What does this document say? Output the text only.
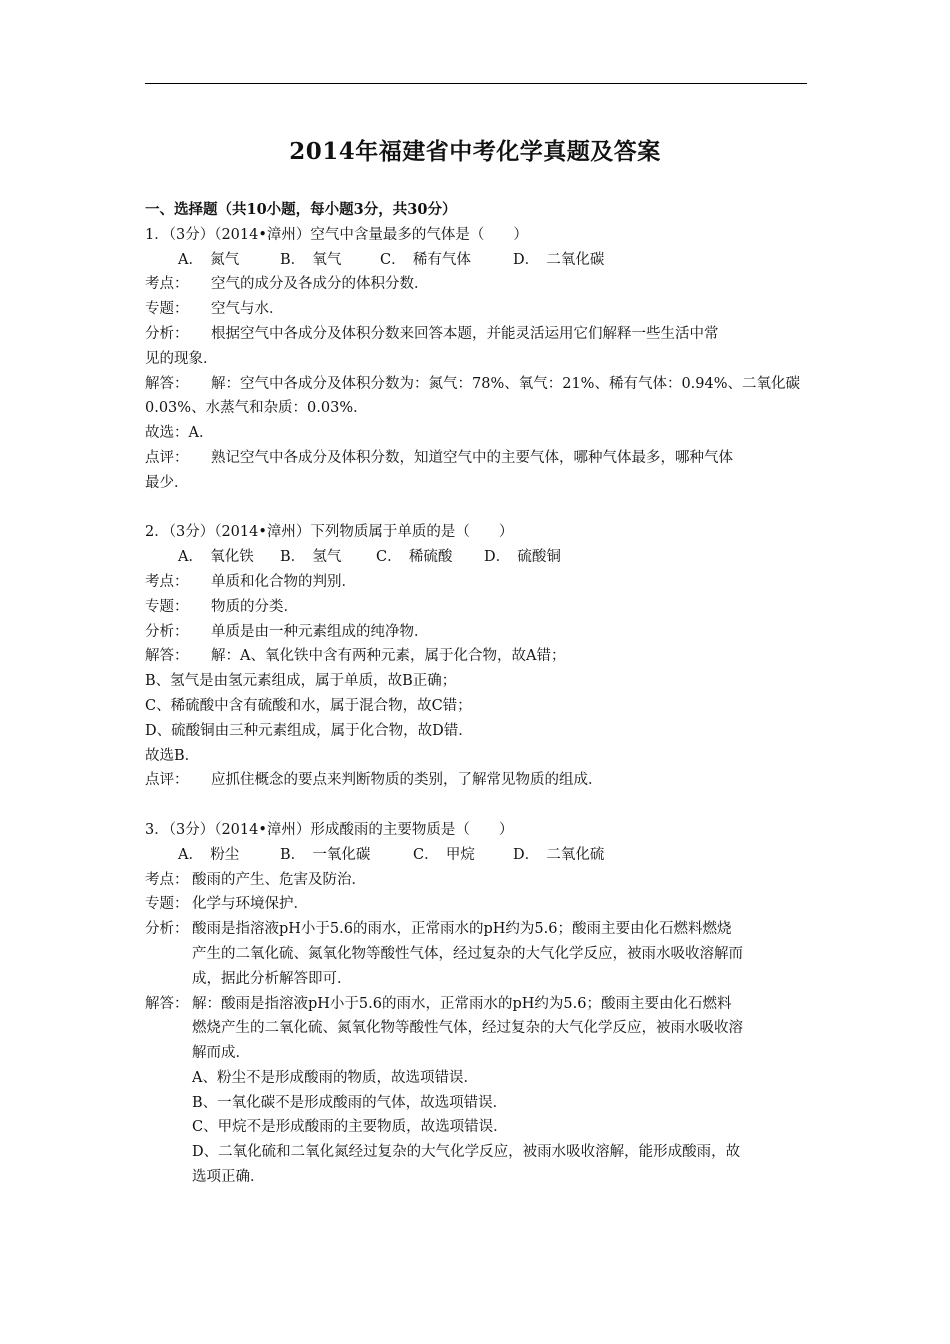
2014年福建省中考化学真题及答案
一、选择题（共10小题，每小题3分，共30分）
1．（3分）（2014•漳州）空气中含量最多的气体是（　　）
A．　氮气	B．　氧气	C．　稀有气体	D．　二氧化碳
考点：	空气的成分及各成分的体积分数．
专题：	空气与水．
分析：	根据空气中各成分及体积分数来回答本题，并能灵活运用它们解释一些生活中常
见的现象．
解答：	解：空气中各成分及体积分数为：氮气：78%、氧气：21%、稀有气体：0.94%、二氧化碳
0.03%、水蒸气和杂质：0.03%．
故选：A．
点评：	熟记空气中各成分及体积分数，知道空气中的主要气体，哪种气体最多，哪种气体
最少．
2．（3分）（2014•漳州）下列物质属于单质的是（　　）
A．　氧化铁 B．　氢气 C．　稀硫酸 D．　硫酸铜
考点：	单质和化合物的判别．
专题：	物质的分类．
分析：	单质是由一种元素组成的纯净物．
解答：	解：A、氧化铁中含有两种元素，属于化合物，故A错；
B、氢气是由氢元素组成，属于单质，故B正确；
C、稀硫酸中含有硫酸和水，属于混合物，故C错；
D、硫酸铜由三种元素组成，属于化合物，故D错．
故选B．
点评：	应抓住概念的要点来判断物质的类别，了解常见物质的组成．
3．（3分）（2014•漳州）形成酸雨的主要物质是（　　）
A．　粉尘	B．　一氧化碳	C．　甲烷	D．　二氧化硫
考点： 酸雨的产生、危害及防治．
专题： 化学与环境保护．
分析： 酸雨是指溶液pH小于5.6的雨水，正常雨水的pH约为5.6；酸雨主要由化石燃料燃烧
产生的二氧化硫、氮氧化物等酸性气体，经过复杂的大气化学反应，被雨水吸收溶解而
成，据此分析解答即可．
解答： 解：酸雨是指溶液pH小于5.6的雨水，正常雨水的pH约为5.6；酸雨主要由化石燃料
燃烧产生的二氧化硫、氮氧化物等酸性气体，经过复杂的大气化学反应，被雨水吸收溶
解而成．
A、粉尘不是形成酸雨的物质，故选项错误．
B、一氧化碳不是形成酸雨的气体，故选项错误．
C、甲烷不是形成酸雨的主要物质，故选项错误．
D、二氧化硫和二氧化氮经过复杂的大气化学反应，被雨水吸收溶解，能形成酸雨，故
选项正确．
